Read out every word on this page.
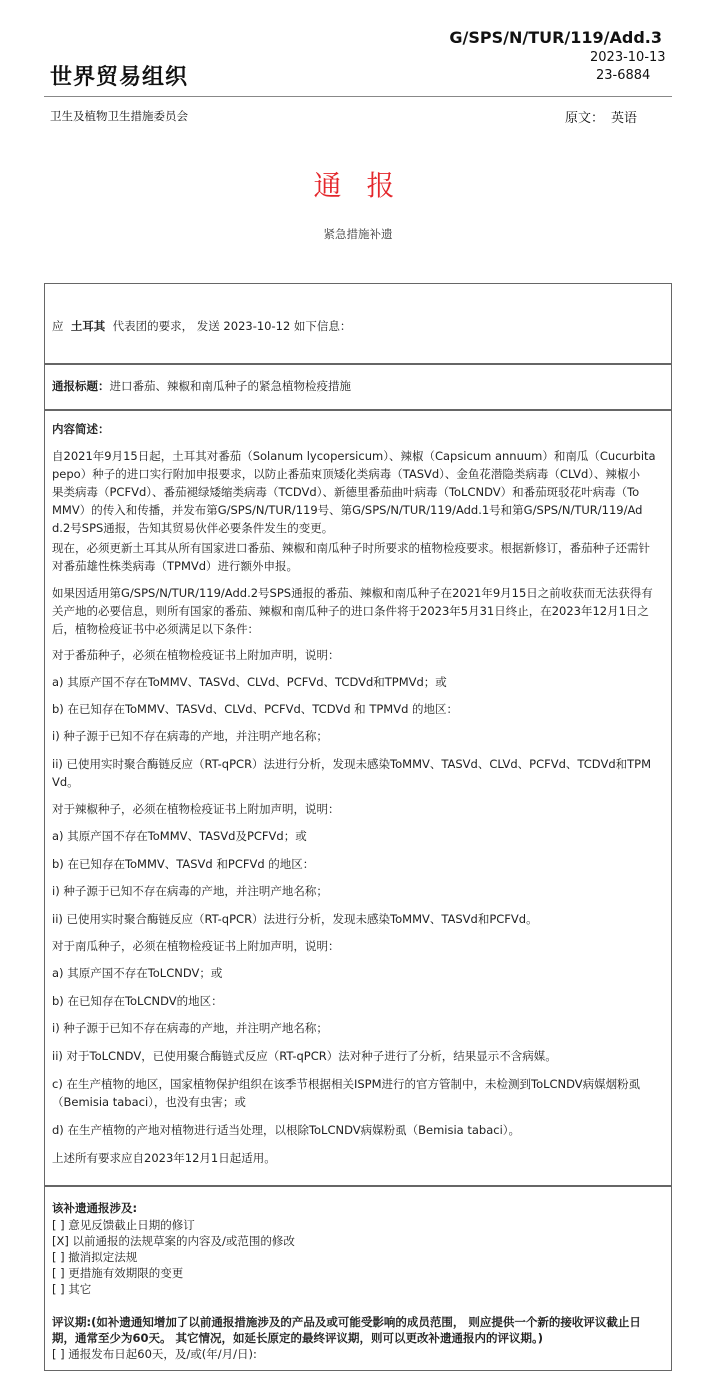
G/SPS/N/TUR/119/Add.3
2023-10-13
23-6884
世界贸易组织
卫生及植物卫生措施委员会	原文： 英语
通 报
紧急措施补遗
应 土耳其 代表团的要求， 发送 2023-10-12 如下信息：
通报标题：进口番茄、辣椒和南瓜种子的紧急植物检疫措施
内容简述：
自2021年9月15日起，土耳其对番茄（Solanum lycopersicum）、辣椒（Capsicum annuum）和南瓜（Cucurbita
pepo）种子的进口实行附加申报要求，以防止番茄束顶矮化类病毒（TASVd）、金鱼花潜隐类病毒（CLVd）、辣椒小
果类病毒（PCFVd）、番茄褪绿矮缩类病毒（TCDVd）、新德里番茄曲叶病毒（ToLCNDV）和番茄斑驳花叶病毒（To
MMV）的传入和传播，并发布第G/SPS/N/TUR/119号、第G/SPS/N/TUR/119/Add.1号和第G/SPS/N/TUR/119/Ad
d.2号SPS通报，告知其贸易伙伴必要条件发生的变更。
现在，必须更新土耳其从所有国家进口番茄、辣椒和南瓜种子时所要求的植物检疫要求。根据新修订，番茄种子还需针
对番茄雄性株类病毒（TPMVd）进行额外申报。
如果因适用第G/SPS/N/TUR/119/Add.2号SPS通报的番茄、辣椒和南瓜种子在2021年9月15日之前收获而无法获得有
关产地的必要信息，则所有国家的番茄、辣椒和南瓜种子的进口条件将于2023年5月31日终止，在2023年12月1日之
后，植物检疫证书中必须满足以下条件：
对于番茄种子，必须在植物检疫证书上附加声明，说明：
a) 其原产国不存在ToMMV、TASVd、CLVd、PCFVd、TCDVd和TPMVd；或
b) 在已知存在ToMMV、TASVd、CLVd、PCFVd、TCDVd 和 TPMVd 的地区：
i) 种子源于已知不存在病毒的产地，并注明产地名称；
ii) 已使用实时聚合酶链反应（RT-qPCR）法进行分析，发现未感染ToMMV、TASVd、CLVd、PCFVd、TCDVd和TPM
Vd。
对于辣椒种子，必须在植物检疫证书上附加声明，说明：
a) 其原产国不存在ToMMV、TASVd及PCFVd；或
b) 在已知存在ToMMV、TASVd 和PCFVd 的地区：
i) 种子源于已知不存在病毒的产地，并注明产地名称；
ii) 已使用实时聚合酶链反应（RT-qPCR）法进行分析，发现未感染ToMMV、TASVd和PCFVd。
对于南瓜种子，必须在植物检疫证书上附加声明，说明：
a) 其原产国不存在ToLCNDV；或
b) 在已知存在ToLCNDV的地区：
i) 种子源于已知不存在病毒的产地，并注明产地名称；
ii) 对于ToLCNDV，已使用聚合酶链式反应（RT-qPCR）法对种子进行了分析，结果显示不含病媒。
c) 在生产植物的地区，国家植物保护组织在该季节根据相关ISPM进行的官方管制中，未检测到ToLCNDV病媒烟粉虱
（Bemisia tabaci），也没有虫害；或
d) 在生产植物的产地对植物进行适当处理，以根除ToLCNDV病媒粉虱（Bemisia tabaci）。
上述所有要求应自2023年12月1日起适用。
该补遗通报涉及:
[ ] 意见反馈截止日期的修订
[X] 以前通报的法规草案的内容及/或范围的修改
[ ] 撤消拟定法规
[ ] 更措施有效期限的变更
[ ] 其它
评议期:(如补遗通知增加了以前通报措施涉及的产品及或可能受影响的成员范围， 则应提供一个新的接收评议截止日
期，通常至少为60天。 其它情况，如延长原定的最终评议期，则可以更改补遗通报内的评议期。)
[ ] 通报发布日起60天，及/或(年/月/日):
